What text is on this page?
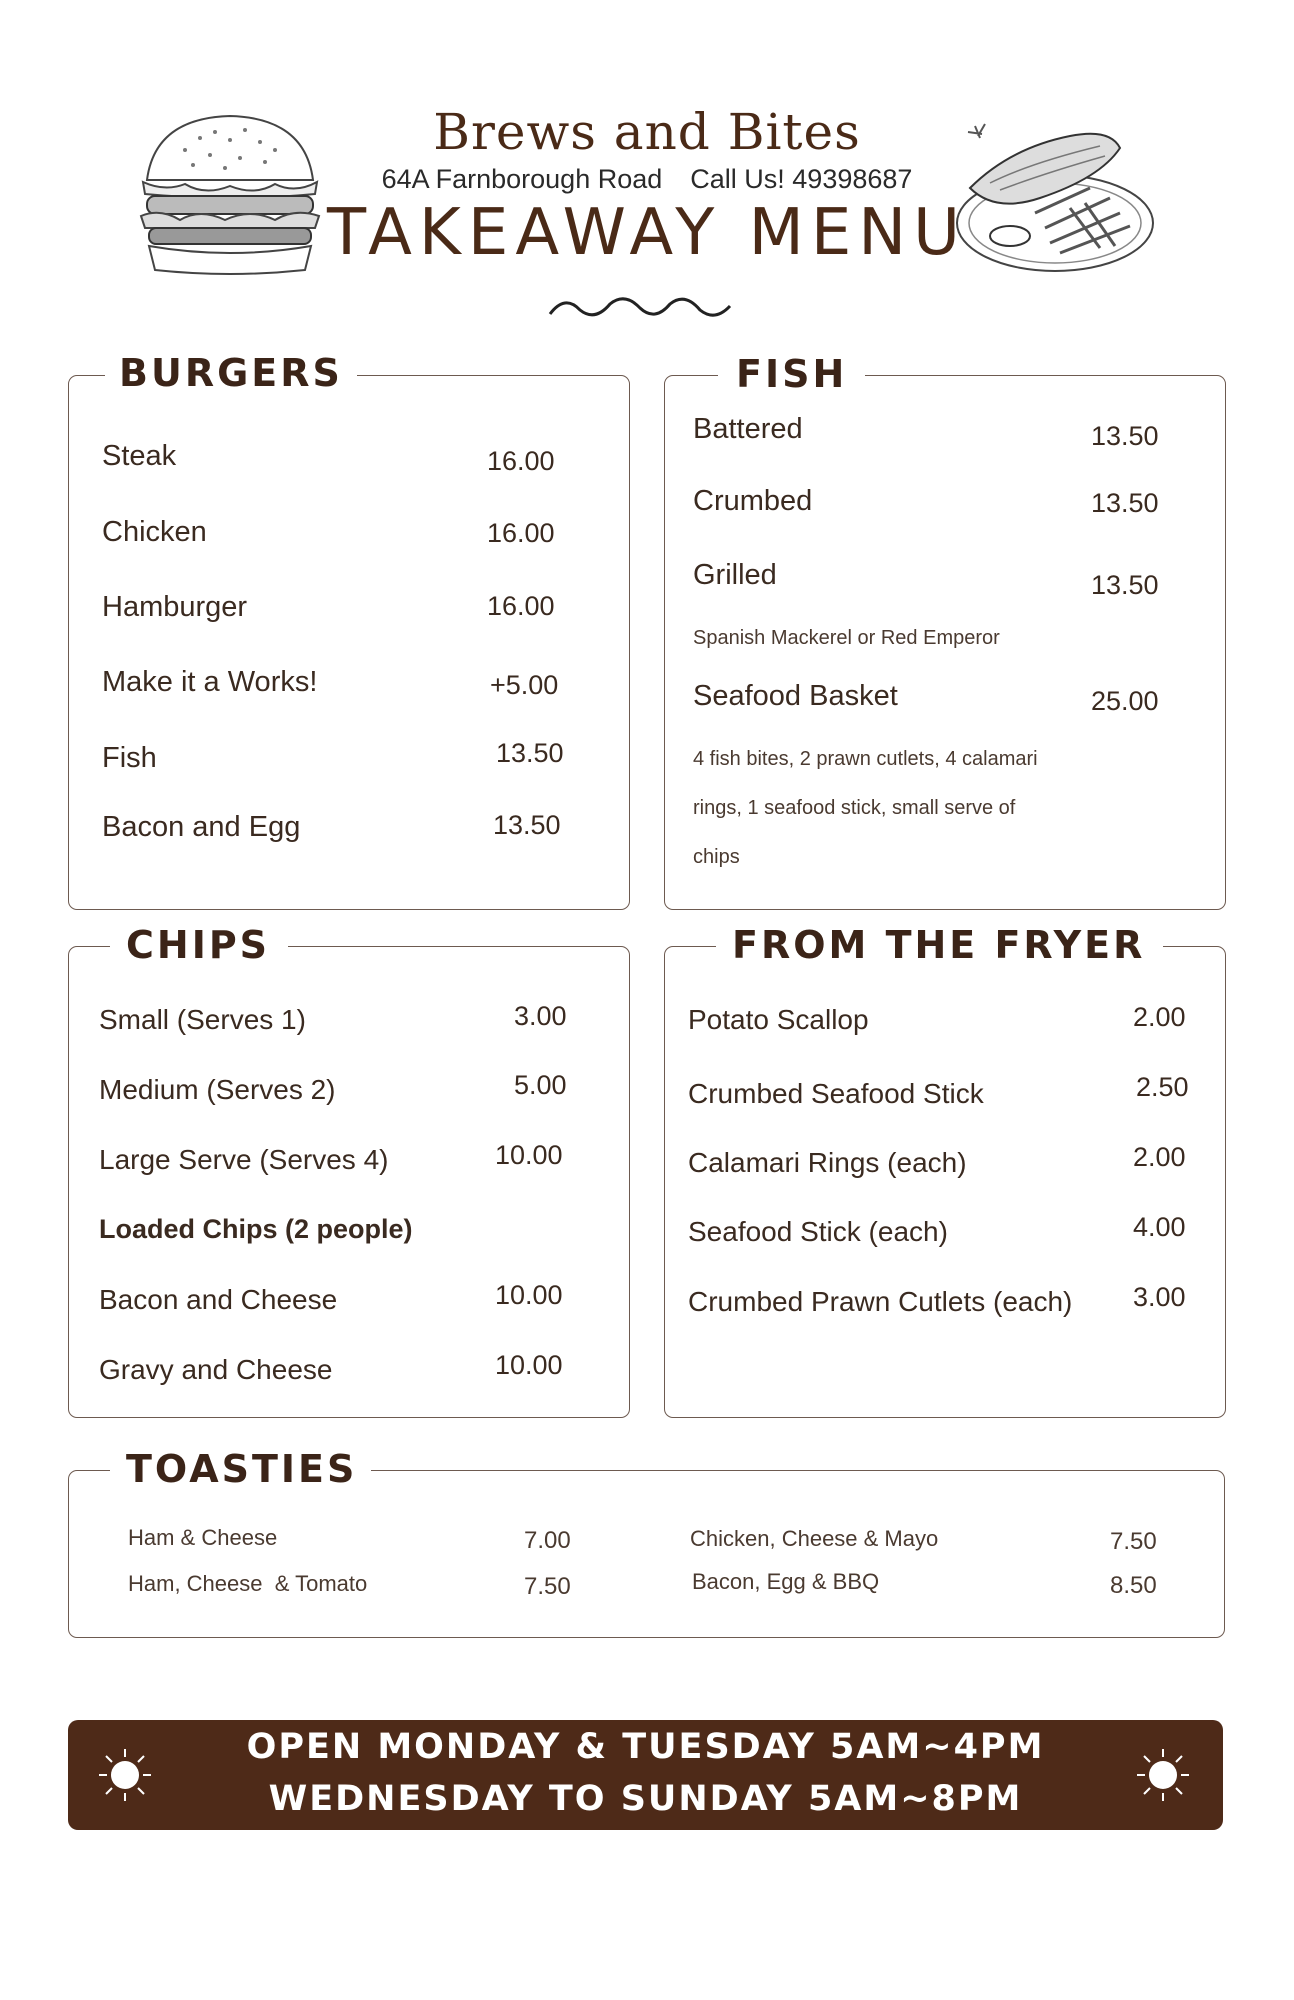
Brews and Bites
64A Farnborough Road Call Us! 49398687
TAKEAWAY MENU
BURGERS
Steak	16.00
Chicken	16.00
Hamburger	16.00
Make it a Works!	+5.00
Fish	13.50
Bacon and Egg	13.50
FISH
Battered	13.50
Crumbed	13.50
Grilled	13.50
Spanish Mackerel or Red Emperor
Seafood Basket	25.00
4 fish bites, 2 prawn cutlets, 4 calamari
rings, 1 seafood stick, small serve of
chips
CHIPS
Small (Serves 1)	3.00
Medium (Serves 2)	5.00
Large Serve (Serves 4)	10.00
Loaded Chips (2 people)
Bacon and Cheese	10.00
Gravy and Cheese	10.00
FROM THE FRYER
Potato Scallop	2.00
Crumbed Seafood Stick	2.50
Calamari Rings (each)	2.00
Seafood Stick (each)	4.00
Crumbed Prawn Cutlets (each) 3.00
TOASTIES
Ham & Cheese	7.00
Ham, Cheese  & Tomato	7.50
Chicken, Cheese & Mayo	7.50
Bacon, Egg & BBQ	8.50
OPEN MONDAY & TUESDAY 5AM~4PM
WEDNESDAY TO SUNDAY 5AM~8PM
